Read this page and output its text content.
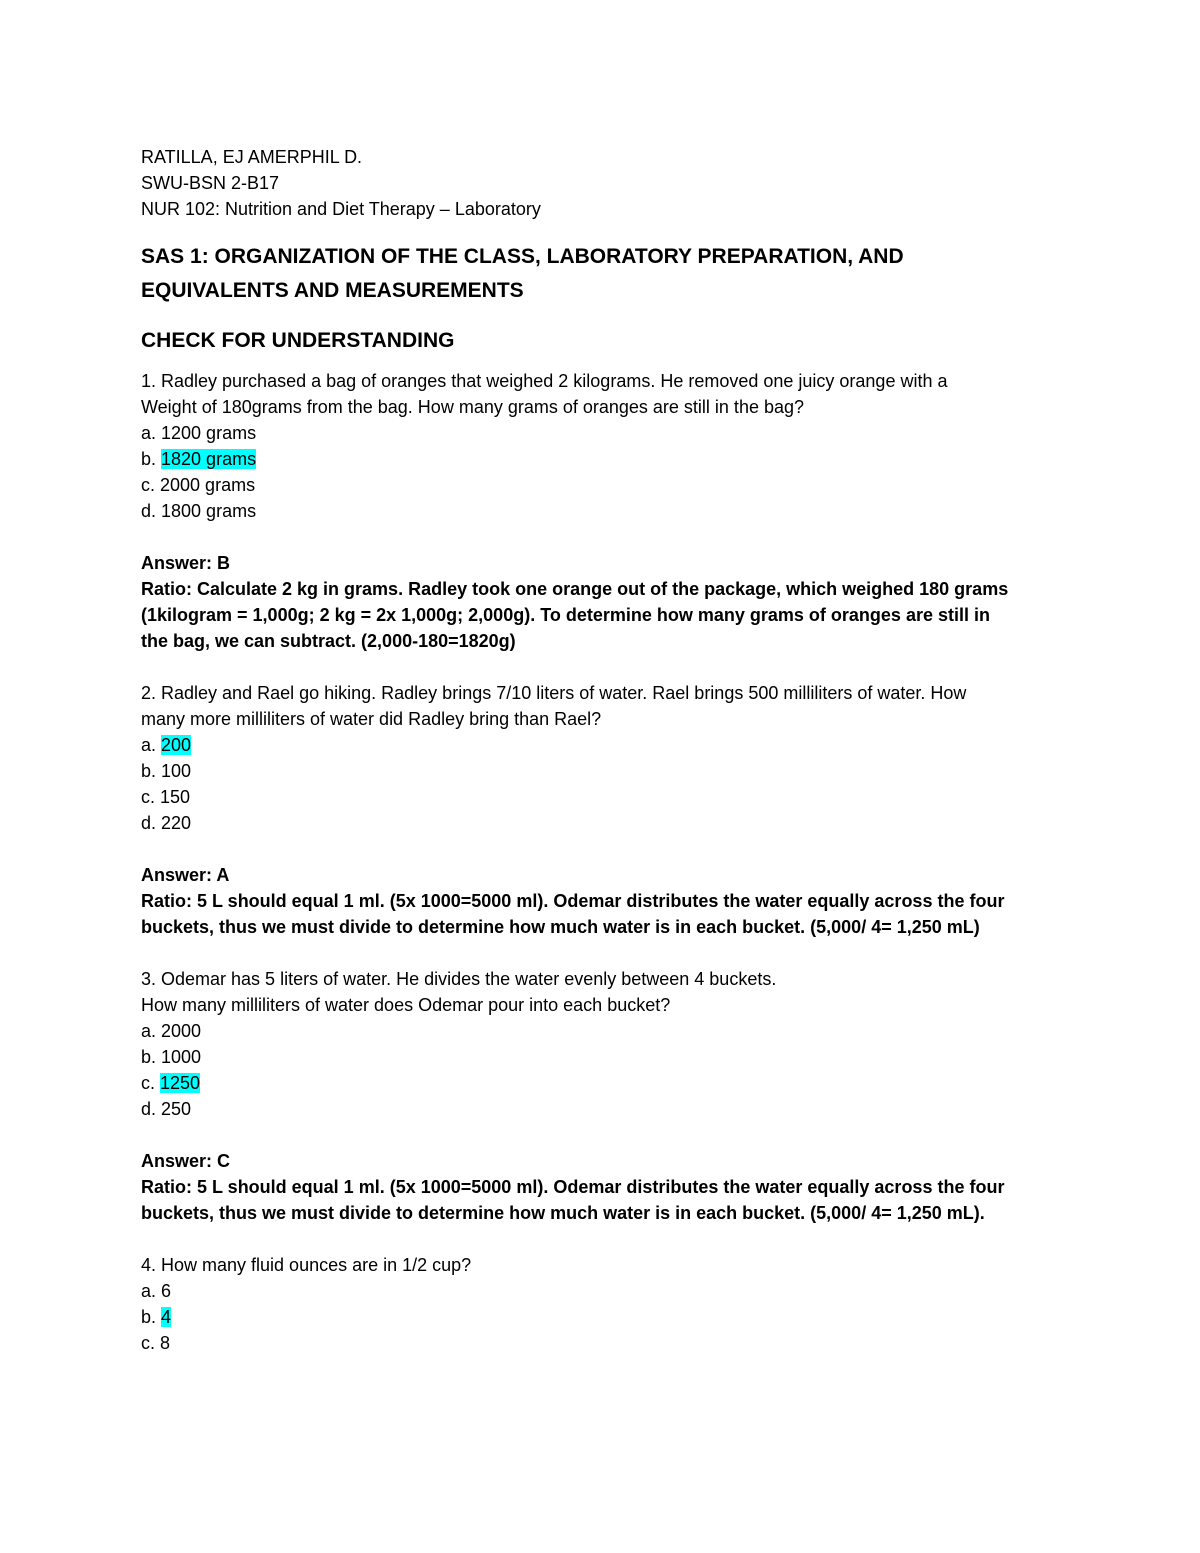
RATILLA, EJ AMERPHIL D.

SWU-BSN 2-B17

NUR 102: Nutrition and Diet Therapy – Laboratory

SAS 1: ORGANIZATION OF THE CLASS, LABORATORY PREPARATION, AND

EQUIVALENTS AND MEASUREMENTS

CHECK FOR UNDERSTANDING

1. Radley purchased a bag of oranges that weighed 2 kilograms. He removed one juicy orange with a

Weight of 180grams from the bag. How many grams of oranges are still in the bag?

a. 1200 grams

b. 1820 grams

c. 2000 grams

d. 1800 grams

Answer: B

Ratio: Calculate 2 kg in grams. Radley took one orange out of the package, which weighed 180 grams

(1kilogram = 1,000g; 2 kg = 2x 1,000g; 2,000g). To determine how many grams of oranges are still in

the bag, we can subtract. (2,000-180=1820g)

2. Radley and Rael go hiking. Radley brings 7/10 liters of water. Rael brings 500 milliliters of water. How

many more milliliters of water did Radley bring than Rael?

a. 200

b. 100

c. 150

d. 220

Answer: A

Ratio: 5 L should equal 1 ml. (5x 1000=5000 ml). Odemar distributes the water equally across the four

buckets, thus we must divide to determine how much water is in each bucket. (5,000/ 4= 1,250 mL)

3. Odemar has 5 liters of water. He divides the water evenly between 4 buckets.

How many milliliters of water does Odemar pour into each bucket?

a. 2000

b. 1000

c. 1250

d. 250

Answer: C

Ratio: 5 L should equal 1 ml. (5x 1000=5000 ml). Odemar distributes the water equally across the four

buckets, thus we must divide to determine how much water is in each bucket. (5,000/ 4= 1,250 mL).

4. How many fluid ounces are in 1/2 cup?

a. 6

b. 4

c. 8
